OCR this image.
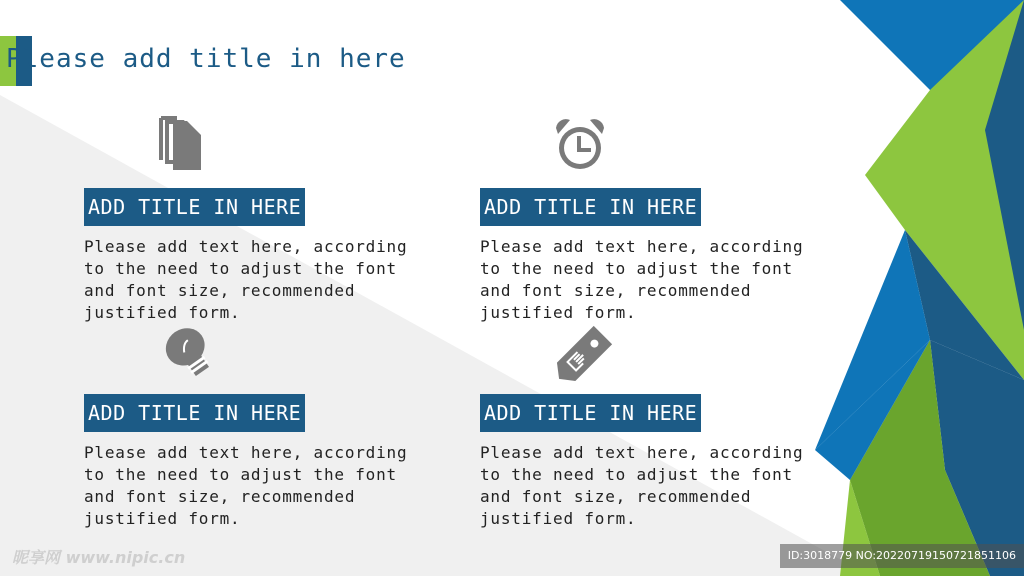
Please add title in here
ADD TITLE IN HERE
Please add text here, according to the need to adjust the font and font size, recommended justified form.
ADD TITLE IN HERE
Please add text here, according to the need to adjust the font and font size, recommended justified form.
ADD TITLE IN HERE
Please add text here, according to the need to adjust the font and font size, recommended justified form.
ADD TITLE IN HERE
Please add text here, according to the need to adjust the font and font size, recommended justified form.
昵享网 www.nipic.cn	ID:3018779 NO:20220719150721851106
